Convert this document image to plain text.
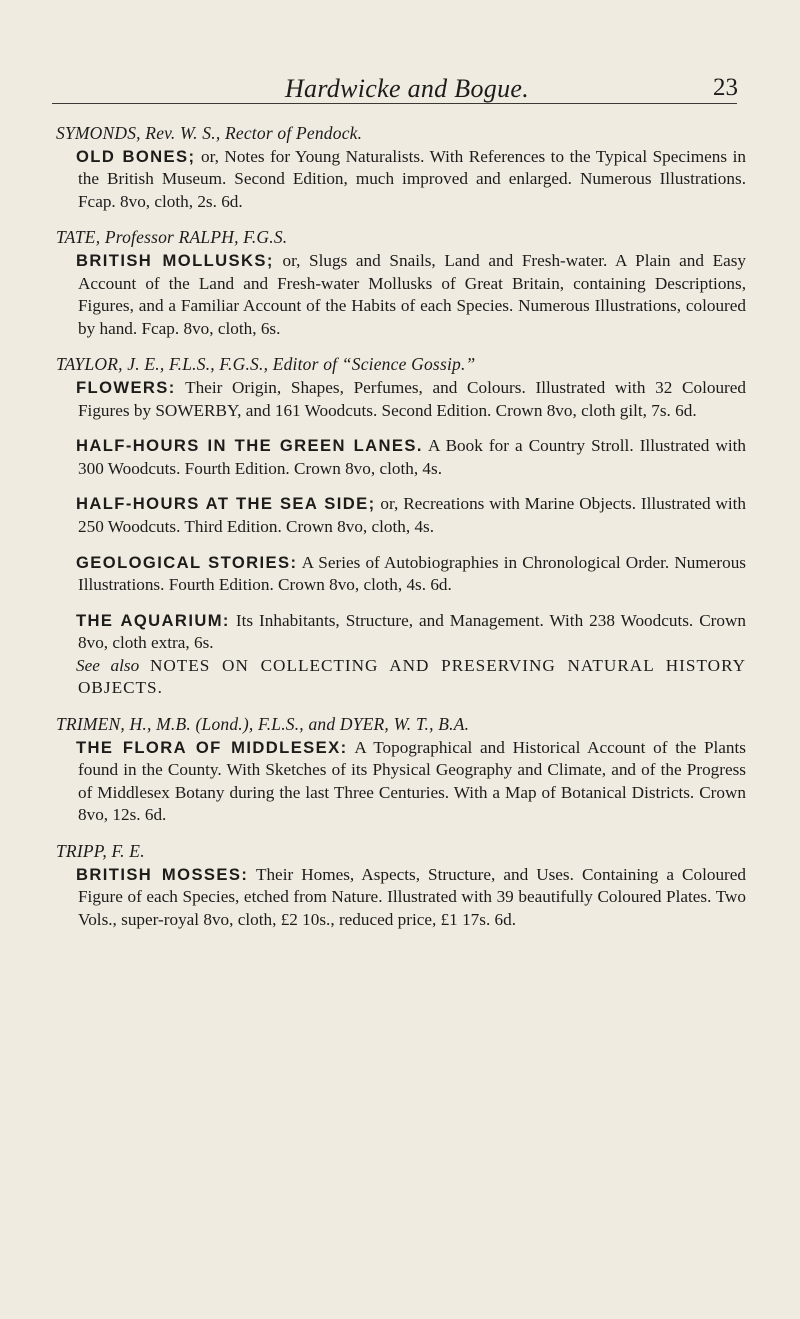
Hardwicke and Bogue.	23

SYMONDS, Rev. W. S., Rector of Pendock.

OLD BONES; or, Notes for Young Naturalists. With References to the Typical Specimens in the British Museum. Second Edition, much improved and enlarged. Numerous Illustrations. Fcap. 8vo, cloth, 2s. 6d.

TATE, Professor RALPH, F.G.S.

BRITISH MOLLUSKS; or, Slugs and Snails, Land and Fresh-water. A Plain and Easy Account of the Land and Fresh-water Mollusks of Great Britain, containing Descriptions, Figures, and a Familiar Account of the Habits of each Species. Numerous Illustrations, coloured by hand. Fcap. 8vo, cloth, 6s.

TAYLOR, J. E., F.L.S., F.G.S., Editor of “Science Gossip.”

FLOWERS: Their Origin, Shapes, Perfumes, and Colours. Illustrated with 32 Coloured Figures by SOWERBY, and 161 Woodcuts. Second Edition. Crown 8vo, cloth gilt, 7s. 6d.

HALF-HOURS IN THE GREEN LANES. A Book for a Country Stroll. Illustrated with 300 Woodcuts. Fourth Edition. Crown 8vo, cloth, 4s.

HALF-HOURS AT THE SEA SIDE; or, Recreations with Marine Objects. Illustrated with 250 Woodcuts. Third Edition. Crown 8vo, cloth, 4s.

GEOLOGICAL STORIES: A Series of Autobiographies in Chronological Order. Numerous Illustrations. Fourth Edition. Crown 8vo, cloth, 4s. 6d.

THE AQUARIUM: Its Inhabitants, Structure, and Management. With 238 Woodcuts. Crown 8vo, cloth extra, 6s.

See also NOTES ON COLLECTING AND PRESERVING NATURAL HISTORY OBJECTS.

TRIMEN, H., M.B. (Lond.), F.L.S., and DYER, W. T., B.A.

THE FLORA OF MIDDLESEX: A Topographical and Historical Account of the Plants found in the County. With Sketches of its Physical Geography and Climate, and of the Progress of Middlesex Botany during the last Three Centuries. With a Map of Botanical Districts. Crown 8vo, 12s. 6d.

TRIPP, F. E.

BRITISH MOSSES: Their Homes, Aspects, Structure, and Uses. Containing a Coloured Figure of each Species, etched from Nature. Illustrated with 39 beautifully Coloured Plates. Two Vols., super-royal 8vo, cloth, £2 10s., reduced price, £1 17s. 6d.
